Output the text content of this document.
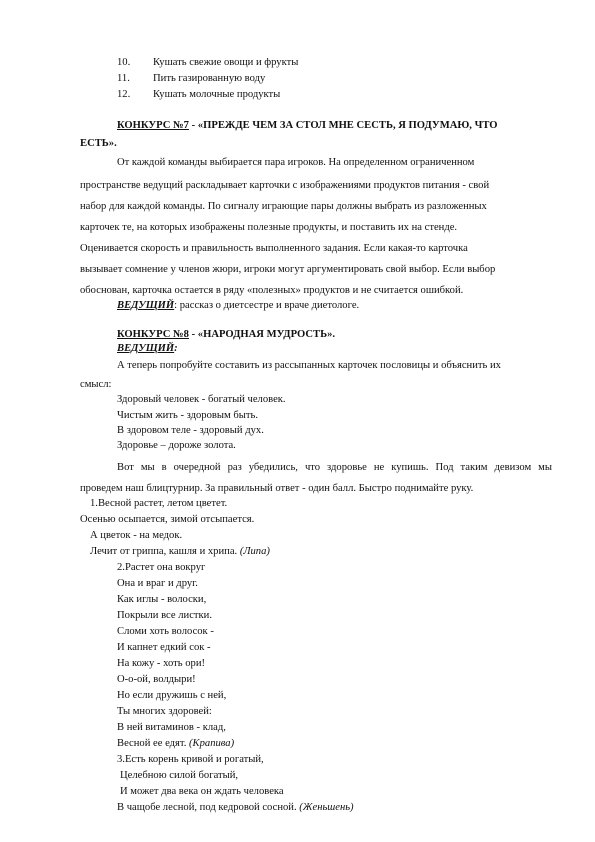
10. Кушать свежие овощи и фрукты
11. Пить газированную воду
12. Кушать молочные продукты
КОНКУРС №7 - «ПРЕЖДЕ ЧЕМ ЗА СТОЛ МНЕ СЕСТЬ, Я ПОДУМАЮ, ЧТО
ЕСТЬ».
От каждой команды выбирается пара игроков. На определенном ограниченном
пространстве ведущий раскладывает карточки с изображениями продуктов питания - свой
набор для каждой команды. По сигналу играющие пары должны выбрать из разложенных
карточек те, на которых изображены полезные продукты, и поставить их на стенде.
Оценивается скорость и правильность выполненного задания. Если какая-то карточка
вызывает сомнение у членов жюри, игроки могут аргументировать свой выбор. Если выбор
обоснован, карточка остается в ряду «полезных» продуктов и не считается ошибкой.
ВЕДУЩИЙ: рассказ о диетсестре и враче диетологе.
КОНКУРС №8 - «НАРОДНАЯ МУДРОСТЬ».
ВЕДУЩИЙ:
А теперь попробуйте составить из рассыпанных карточек пословицы и объяснить их
смысл:
Здоровый человек - богатый человек.
Чистым жить - здоровым быть.
В здоровом теле - здоровый дух.
Здоровье – дороже золота.
Вот мы в очередной раз убедились, что здоровье не купишь. Под таким девизом мы
проведем наш блицтурнир. За правильный ответ - один балл. Быстро поднимайте руку.
1.Весной растет, летом цветет.
Осенью осыпается, зимой отсыпается.
А цветок - на медок.
Лечит от гриппа, кашля и хрипа. (Липа)
2.Растет она вокруг
Она и враг и друг.
Как иглы - волоски,
Покрыли все листки.
Сломи хоть волосок -
И капнет едкий сок -
На кожу - хоть ори!
О-о-ой, волдыри!
Но если дружишь с ней,
Ты многих здоровей:
В ней витаминов - клад,
Весной ее едят. (Крапива)
3.Есть корень кривой и рогатый,
Целебною силой богатый,
И может два века он ждать человека
В чащобе лесной, под кедровой сосной. (Женьшень)
